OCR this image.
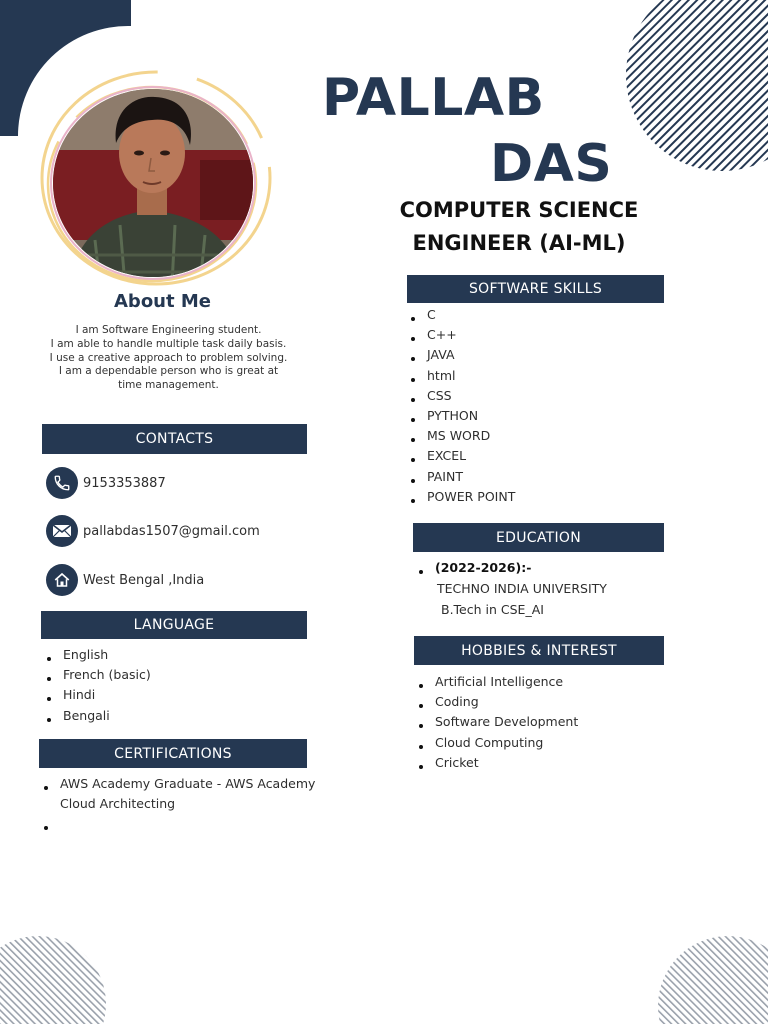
PALLAB
DAS
COMPUTER SCIENCE
ENGINEER (AI-ML)
About Me
I am Software Engineering student.
I am able to handle multiple task daily basis.
I use a creative approach to problem solving.
I am a dependable person who is great at
time management.
CONTACTS
9153353887
pallabdas1507@gmail.com
West Bengal ,India
LANGUAGE
English
French (basic)
Hindi
Bengali
CERTIFICATIONS
AWS Academy Graduate - AWS Academy
Cloud Architecting
SOFTWARE SKILLS
C
C++
JAVA
html
CSS
PYTHON
MS WORD
EXCEL
PAINT
POWER POINT
EDUCATION
(2022-2026):-
TECHNO INDIA UNIVERSITY
B.Tech in CSE_AI
HOBBIES & INTEREST
Artificial Intelligence
Coding
Software Development
Cloud Computing
Cricket
